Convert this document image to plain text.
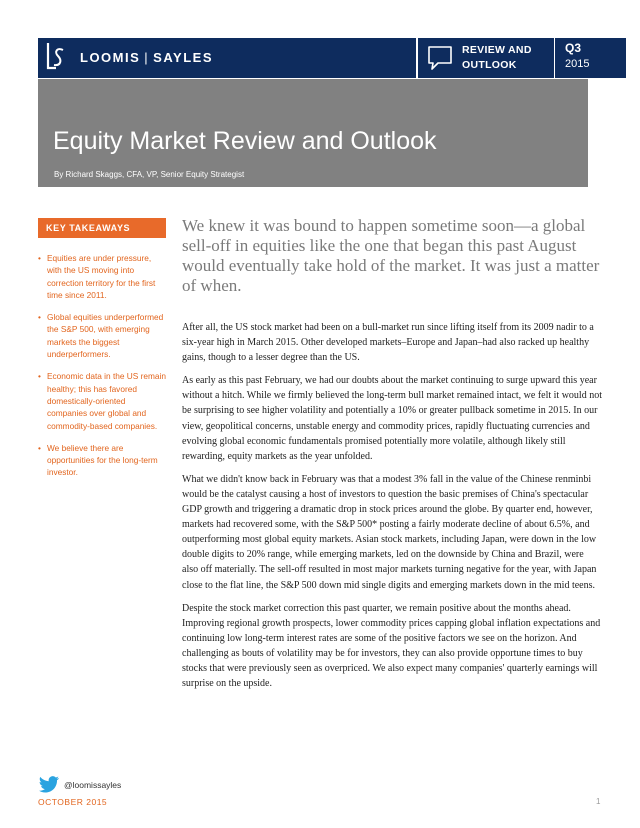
LOOMIS | SAYLES	REVIEW AND
OUTLOOK
Q3
2015
Equity Market Review and Outlook
By Richard Skaggs, CFA, VP, Senior Equity Strategist
KEY TAKEAWAYS
• Equities are under pressure, with the US moving into correction territory for the first time since 2011.
• Global equities underperformed the S&P 500, with emerging markets the biggest underperformers.
• Economic data in the US remain healthy; this has favored domestically-oriented companies over global and commodity-based companies.
• We believe there are opportunities for the long-term investor.
We knew it was bound to happen sometime soon—a global sell-off in equities like the one that began this past August would eventually take hold of the market. It was just a matter of when.

After all, the US stock market had been on a bull-market run since lifting itself from its 2009 nadir to a six-year high in March 2015. Other developed markets–Europe and Japan–had also racked up healthy gains, though to a lesser degree than the US.

As early as this past February, we had our doubts about the market continuing to surge upward this year without a hitch. While we firmly believed the long-term bull market remained intact, we felt it would not be surprising to see higher volatility and potentially a 10% or greater pullback sometime in 2015. In our view, geopolitical concerns, unstable energy and commodity prices, rapidly fluctuating currencies and evolving global economic fundamentals promised potentially more volatile, although likely still rewarding, equity markets as the year unfolded.

What we didn't know back in February was that a modest 3% fall in the value of the Chinese renminbi would be the catalyst causing a host of investors to question the basic premises of China's spectacular GDP growth and triggering a dramatic drop in stock prices around the globe. By quarter end, however, markets had recovered some, with the S&P 500* posting a fairly moderate decline of about 6.5%, and outperforming most global equity markets. Asian stock markets, including Japan, were down in the low double digits to 20% range, while emerging markets, led on the downside by China and Brazil, were also off materially. The sell-off resulted in most major markets turning negative for the year, with Japan close to the flat line, the S&P 500 down mid single digits and emerging markets down in the mid teens.

Despite the stock market correction this past quarter, we remain positive about the months ahead. Improving regional growth prospects, lower commodity prices capping global inflation expectations and continuing low long-term interest rates are some of the positive factors we see on the horizon. And challenging as bouts of volatility may be for investors, they can also provide opportune times to buy stocks that were previously seen as overpriced. We also expect many companies' quarterly earnings will surprise on the upside.

@loomissayles
OCTOBER 2015	1
